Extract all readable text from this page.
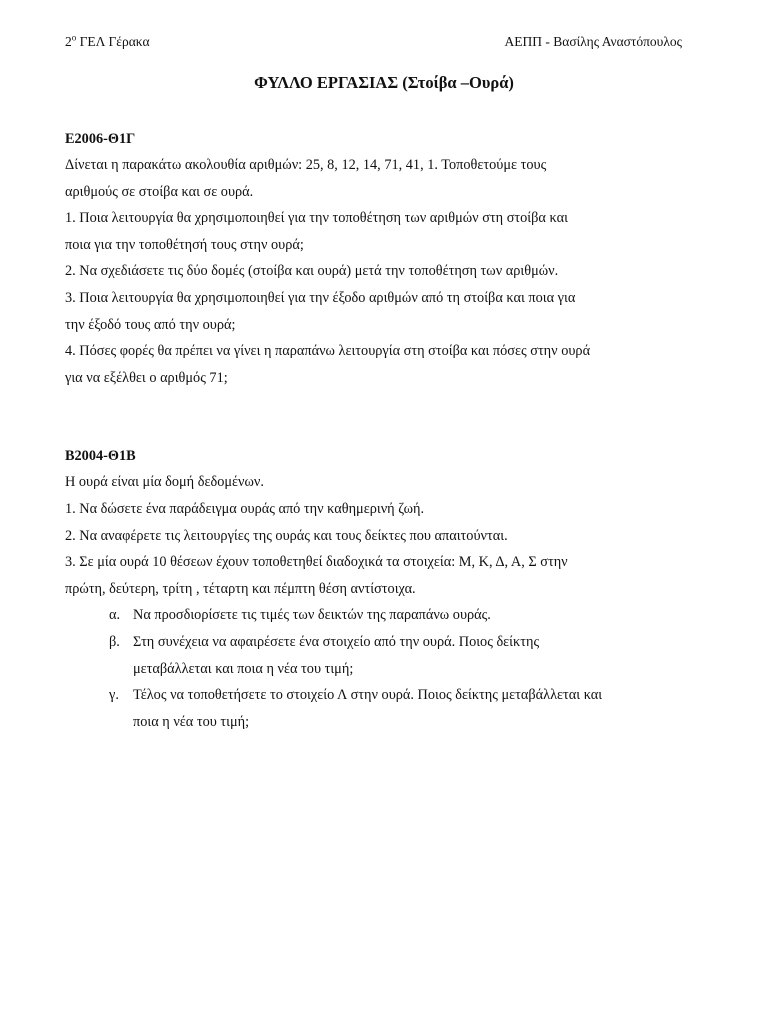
$2^o$ ΓΕΛ Γέρακα	ΑΕΠΠ - Βασίλης Αναστόπουλος
ΦΥΛΛΟ ΕΡΓΑΣΙΑΣ (Στοίβα –Ουρά)
Ε2006-Θ1Γ
Δίνεται η παρακάτω ακολουθία αριθμών: 25, 8, 12, 14, 71, 41, 1. Τοποθετούμε τους
αριθμούς σε στοίβα και σε ουρά.
1. Ποια λειτουργία θα χρησιμοποιηθεί για την τοποθέτηση των αριθμών στη στοίβα και
ποια για την τοποθέτησή τους στην ουρά;
2. Να σχεδιάσετε τις δύο δομές (στοίβα και ουρά) μετά την τοποθέτηση των αριθμών.
3. Ποια λειτουργία θα χρησιμοποιηθεί για την έξοδο αριθμών από τη στοίβα και ποια για
την έξοδό τους από την ουρά;
4. Πόσες φορές θα πρέπει να γίνει η παραπάνω λειτουργία στη στοίβα και πόσες στην ουρά
για να εξέλθει ο αριθμός 71;
Β2004-Θ1Β
Η ουρά είναι μία δομή δεδομένων.
1. Να δώσετε ένα παράδειγμα ουράς από την καθημερινή ζωή.
2. Να αναφέρετε τις λειτουργίες της ουράς και τους δείκτες που απαιτούνται.
3. Σε μία ουρά 10 θέσεων έχουν τοποθετηθεί διαδοχικά τα στοιχεία: Μ, Κ, Δ, Α, Σ στην
πρώτη, δεύτερη, τρίτη , τέταρτη και πέμπτη θέση αντίστοιχα.
α. Να προσδιορίσετε τις τιμές των δεικτών της παραπάνω ουράς.
β. Στη συνέχεια να αφαιρέσετε ένα στοιχείο από την ουρά. Ποιος δείκτης
μεταβάλλεται και ποια η νέα του τιμή;
γ. Τέλος να τοποθετήσετε το στοιχείο Λ στην ουρά. Ποιος δείκτης μεταβάλλεται και
ποια η νέα του τιμή;
